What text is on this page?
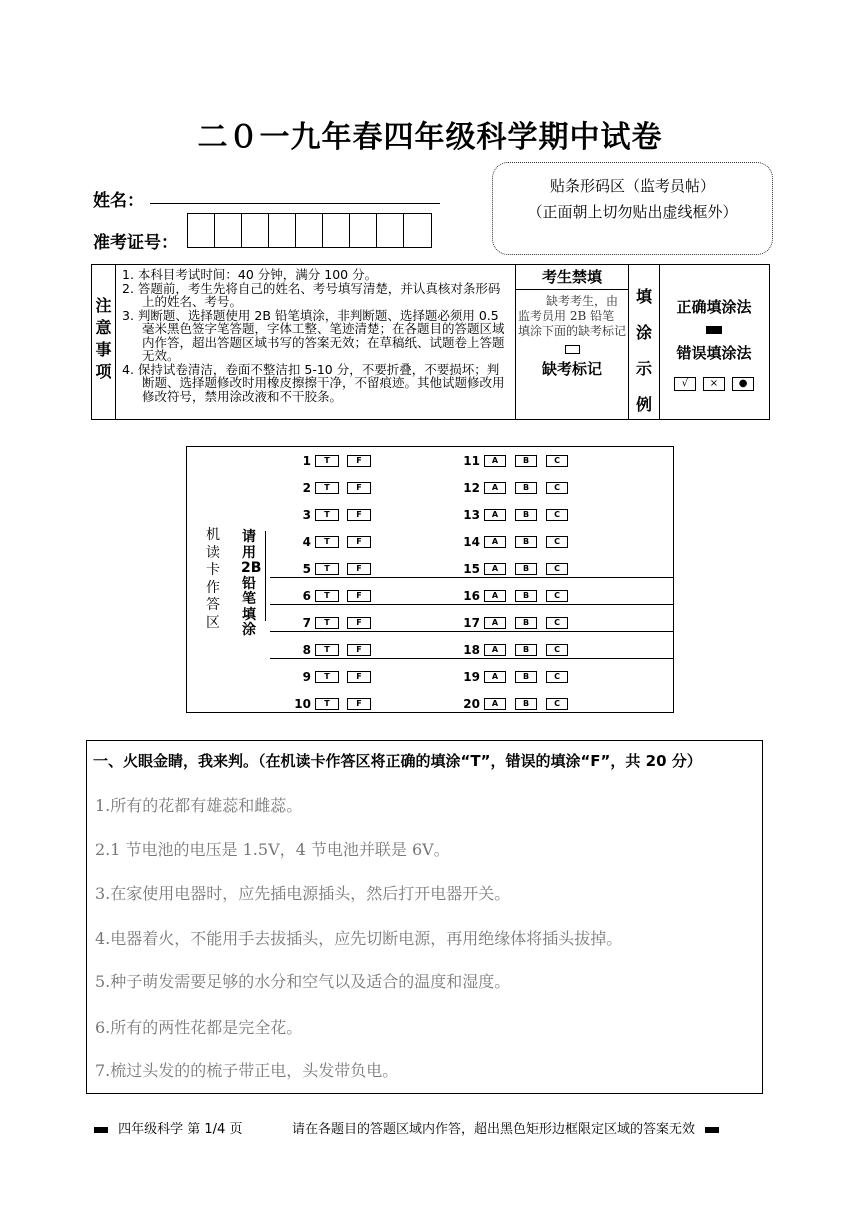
二０一九年春四年级科学期中试卷
姓名：
准考证号：
贴条形码区（监考员帖）
（正面朝上切勿贴出虚线框外）
注
意
事
项
1. 本科目考试时间：40 分钟，满分 100 分。
2. 答题前，考生先将自己的姓名、考号填写清楚，并认真核对条形码上的姓名、考号。
3. 判断题、选择题使用 2B 铅笔填涂，非判断题、选择题必须用 0.5 毫米黑色签字笔答题，字体工整、笔迹清楚；在各题目的答题区域内作答，超出答题区域书写的答案无效；在草稿纸、试题卷上答题无效。
4. 保持试卷清洁，卷面不整洁扣 5-10 分，不要折叠，不要损坏；判断题、选择题修改时用橡皮擦擦干净，不留痕迹。其他试题修改用修改符号，禁用涂改液和不干胶条。
考生禁填
缺考考生，由监考员用 2B 铅笔填涂下面的缺考标记
缺考标记
填
涂
示
例
正确填涂法
错误填涂法
√ × ●
机
读
卡
作
答
区
请
用
2B
铅
笔
填
涂
1	T	F
2	T	F
3	T	F
4	T	F
5	T	F
6	T	F
7	T	F
8	T	F
9	T	F
10	T	F
11	A	B	C
12	A	B	C
13	A	B	C
14	A	B	C
15	A	B	C
16	A	B	C
17	A	B	C
18	A	B	C
19	A	B	C
20	A	B	C
一、火眼金睛，我来判。（在机读卡作答区将正确的填涂“T”，错误的填涂“F”，共 20 分）
1.所有的花都有雄蕊和雌蕊。
2.1 节电池的电压是 1.5V，4 节电池并联是 6V。
3.在家使用电器时，应先插电源插头，然后打开电器开关。
4.电器着火，不能用手去拔插头，应先切断电源，再用绝缘体将插头拔掉。
5.种子萌发需要足够的水分和空气以及适合的温度和湿度。
6.所有的两性花都是完全花。
7.梳过头发的的梳子带正电，头发带负电。
四年级科学 第 1/4 页	请在各题目的答题区域内作答，超出黑色矩形边框限定区域的答案无效
